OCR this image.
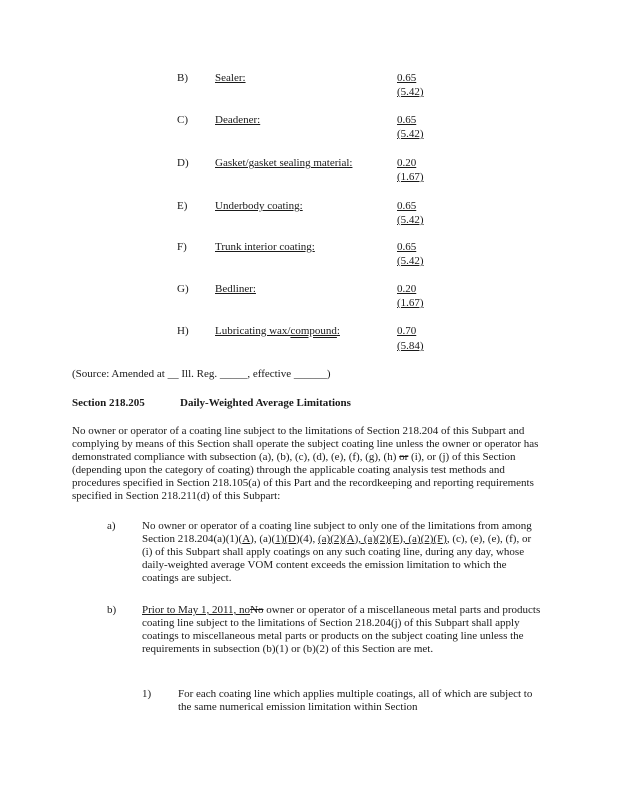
B) Sealer:	0.65
(5.42)
C) Deadener:	0.65
(5.42)
D) Gasket/gasket sealing material:	0.20
(1.67)
E)	Underbody coating:	0.65
(5.42)
F)	Trunk interior coating:	0.65
(5.42)
G) Bedliner:	0.20
(1.67)
H) Lubricating wax/compound:	0.70
(5.84)
(Source: Amended at __ Ill. Reg. _____, effective ______)
Section 218.205	Daily-Weighted Average Limitations

No owner or operator of a coating line subject to the limitations of Section 218.204 of this Subpart and complying by means of this Section shall operate the subject coating line unless the owner or operator has demonstrated compliance with subsection (a), (b), (c), (d), (e), (f), (g), (h) or (i), or (j) of this Section (depending upon the category of coating) through the applicable coating analysis test methods and procedures specified in Section 218.105(a) of this Part and the recordkeeping and reporting requirements specified in Section 218.211(d) of this Subpart:

a) No owner or operator of a coating line subject to only one of the limitations from among Section 218.204(a)(1)(A), (a)(1)(D)(4), (a)(2)(A), (a)(2)(E), (a)(2)(F), (c), (e), (e), (f), or (i) of this Subpart shall apply coatings on any such coating line, during any day, whose daily-weighted average VOM content exceeds the emission limitation to which the coatings are subject.

b) Prior to May 1, 2011, noNo owner or operator of a miscellaneous metal parts and products coating line subject to the limitations of Section 218.204(j) of this Subpart shall apply coatings to miscellaneous metal parts or products on the subject coating line unless the requirements in subsection (b)(1) or (b)(2) of this Section are met.

1) For each coating line which applies multiple coatings, all of which are subject to the same numerical emission limitation within Section
